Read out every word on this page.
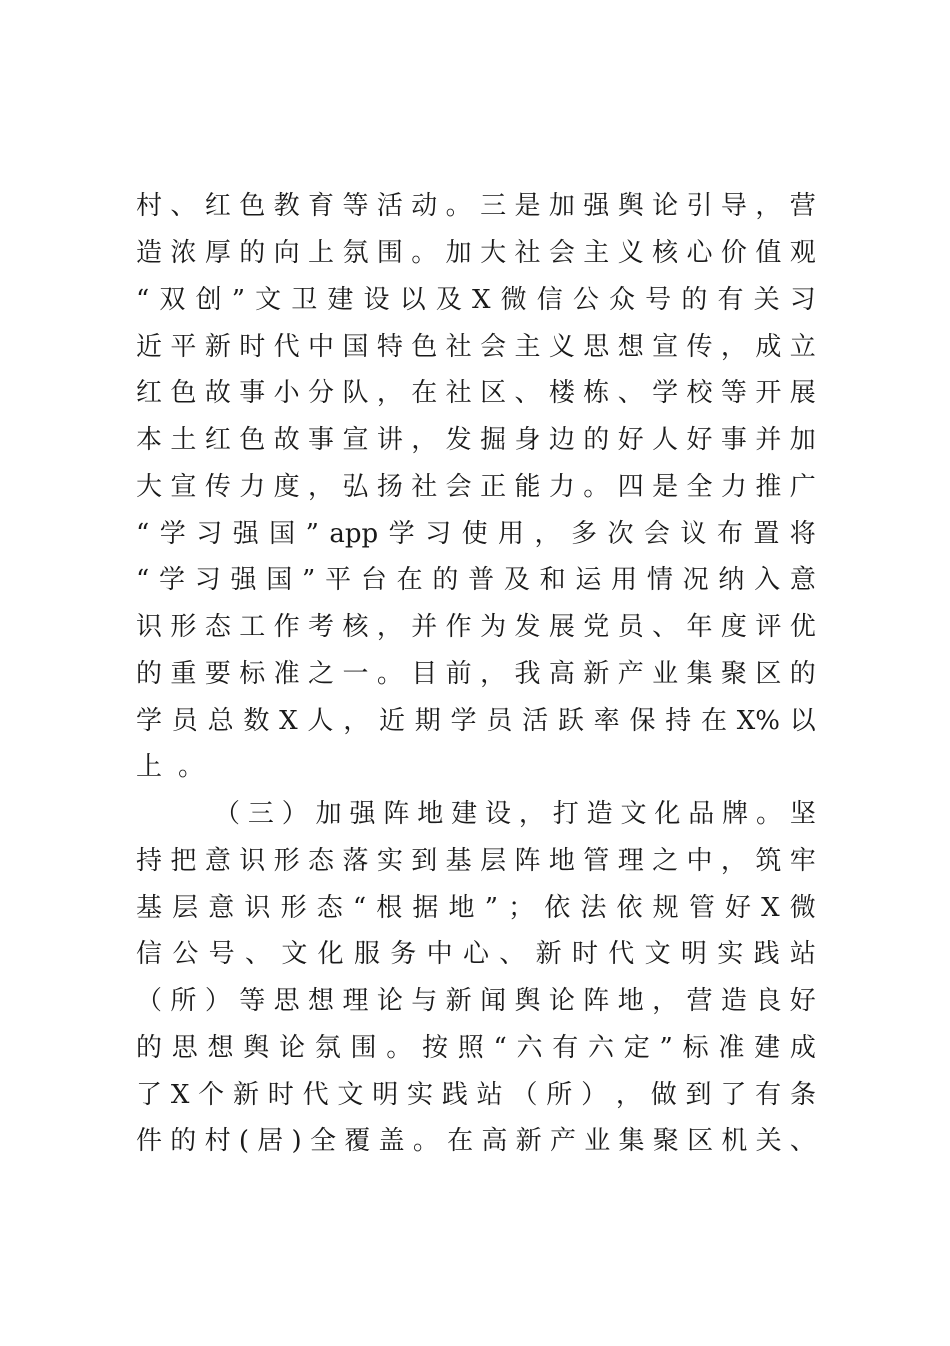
村 、 红 色 教 育 等 活 动 。 三 是 加 强 舆 论 引 导 ， 营
造 浓 厚 的 向 上 氛 围 。 加 大 社 会 主 义 核 心 价 值 观
“ 双 创 ” 文 卫 建 设 以 及 X 微 信 公 众 号 的 有 关 习
近 平 新 时 代 中 国 特 色 社 会 主 义 思 想 宣 传 ， 成 立
红 色 故 事 小 分 队 ， 在 社 区 、 楼 栋 、 学 校 等 开 展
本 土 红 色 故 事 宣 讲 ， 发 掘 身 边 的 好 人 好 事 并 加
大 宣 传 力 度 ， 弘 扬 社 会 正 能 力 。 四 是 全 力 推 广
“ 学 习 强 国 ” app 学 习 使 用 ， 多 次 会 议 布 置 将
“ 学 习 强 国 ” 平 台 在 的 普 及 和 运 用 情 况 纳 入 意
识 形 态 工 作 考 核 ， 并 作 为 发 展 党 员 、 年 度 评 优
的 重 要 标 准 之 一 。 目 前 ， 我 高 新 产 业 集 聚 区 的
学 员 总 数 X 人 ， 近 期 学 员 活 跃 率 保 持 在 X% 以
上 。
（ 三 ） 加 强 阵 地 建 设 ， 打 造 文 化 品 牌 。 坚
持 把 意 识 形 态 落 实 到 基 层 阵 地 管 理 之 中 ， 筑 牢
基 层 意 识 形 态 “ 根 据 地 ” ； 依 法 依 规 管 好 X 微
信 公 号 、 文 化 服 务 中 心 、 新 时 代 文 明 实 践 站
（ 所 ） 等 思 想 理 论 与 新 闻 舆 论 阵 地 ， 营 造 良 好
的 思 想 舆 论 氛 围 。 按 照 “ 六 有 六 定 ” 标 准 建 成
了 X 个 新 时 代 文 明 实 践 站 （ 所 ） ， 做 到 了 有 条
件 的 村 ( 居 ) 全 覆 盖 。 在 高 新 产 业 集 聚 区 机 关 、
